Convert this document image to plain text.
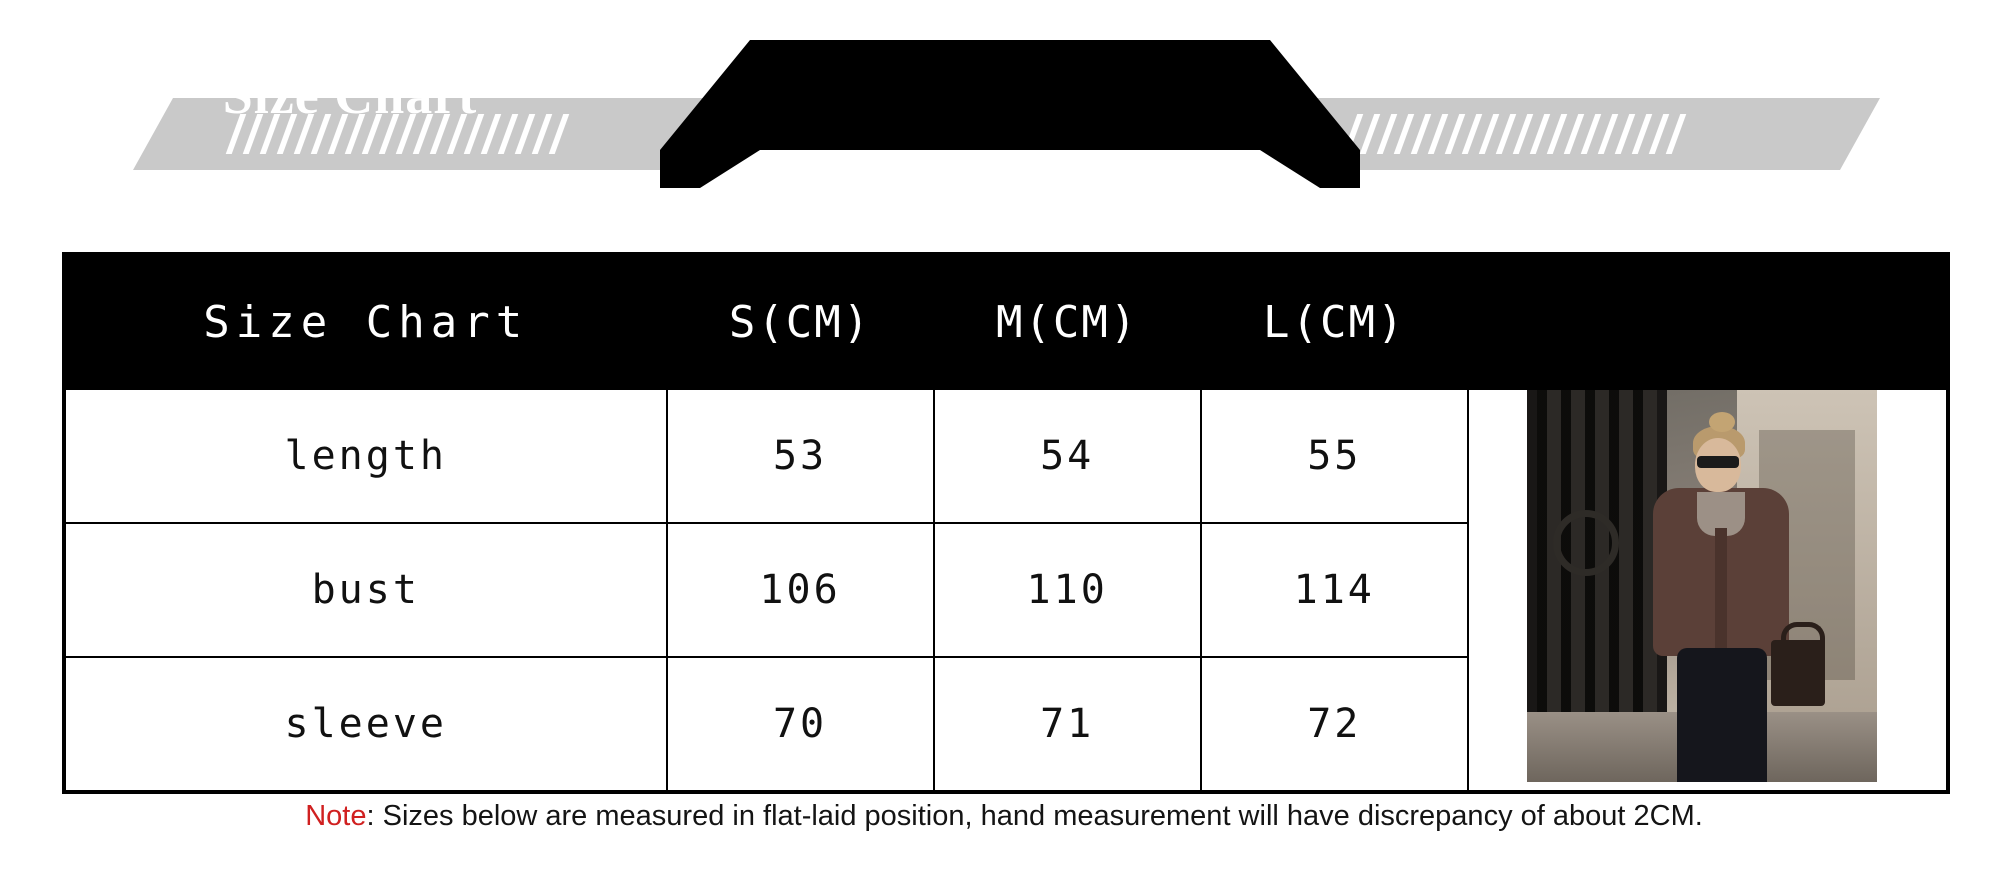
Size Chart
Size Chart	S(CM)	M(CM)	L(CM)	
length	53	54	55	

bust	106	110	114	
sleeve	70	71	72	
Note: Sizes below are measured in flat-laid position, hand measurement will have discrepancy of about 2CM.
